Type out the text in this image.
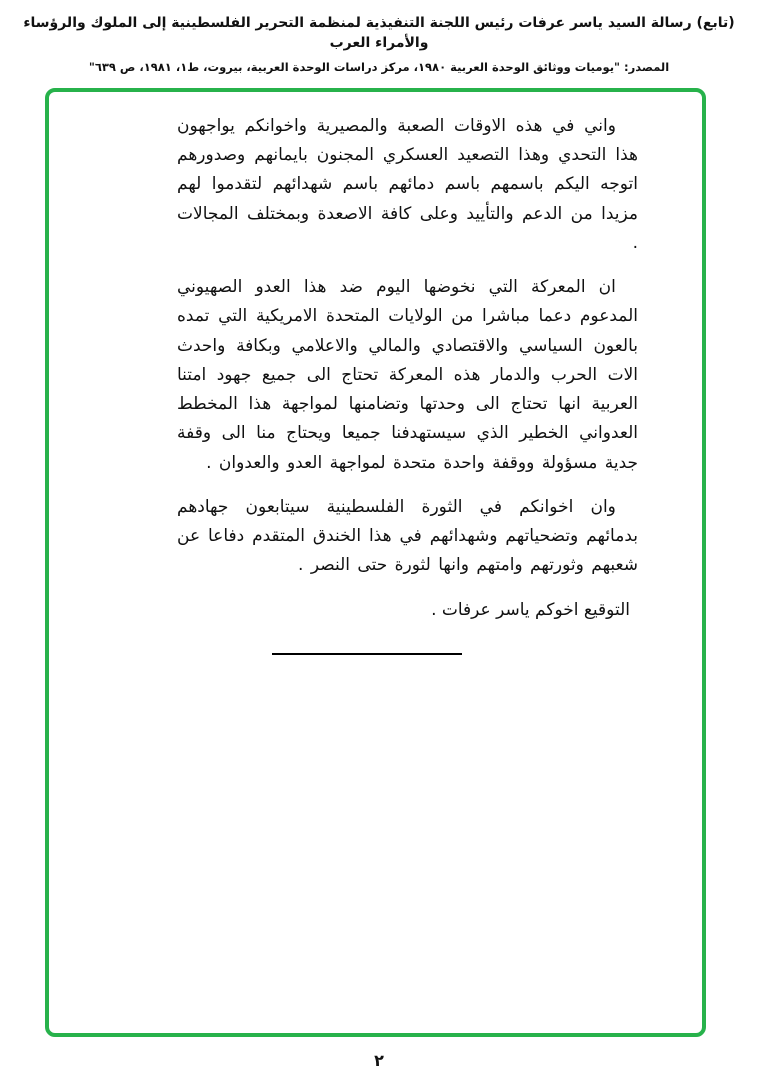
(تابع) رسالة السيد ياسر عرفات رئيس اللجنة التنفيذية لمنظمة التحرير الفلسطينية إلى الملوك والرؤساء والأمراء العرب
المصدر: "يوميات ووثائق الوحدة العربية ١٩٨٠، مركز دراسات الوحدة العربية، بيروت، ط١، ١٩٨١، ص ٦٣٩"

واني في هذه الاوقات الصعبة والمصيرية واخوانكم يواجهون هذا التحدي وهذا التصعيد العسكري المجنون بايمانهم وصدورهم اتوجه اليكم باسمهم باسم دمائهم باسم شهدائهم لتقدموا لهم مزيدا من الدعم والتأييد وعلى كافة الاصعدة وبمختلف المجالات .

ان المعركة التي نخوضها اليوم ضد هذا العدو الصهيوني المدعوم دعما مباشرا من الولايات المتحدة الامريكية التي تمده بالعون السياسي والاقتصادي والمالي والاعلامي وبكافة واحدث الات الحرب والدمار هذه المعركة تحتاج الى جميع جهود امتنا العربية انها تحتاج الى وحدتها وتضامنها لمواجهة هذا المخطط العدواني الخطير الذي سيستهدفنا جميعا ويحتاج منا الى وقفة جدية مسؤولة ووقفة واحدة متحدة لمواجهة العدو والعدوان .

وان اخوانكم في الثورة الفلسطينية سيتابعون جهادهم بدمائهم وتضحياتهم وشهدائهم في هذا الخندق المتقدم دفاعا عن شعبهم وثورتهم وامتهم وانها لثورة حتى النصر .

التوقيع اخوكم ياسر عرفات .
٢
